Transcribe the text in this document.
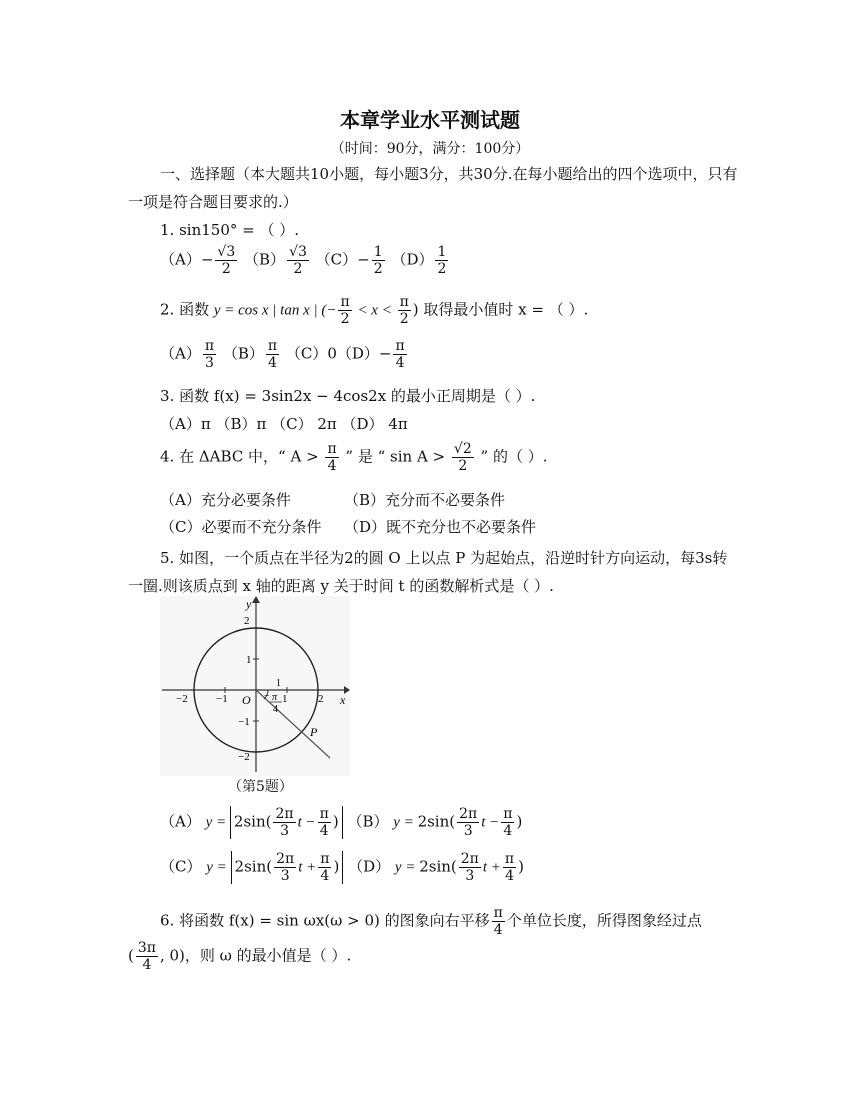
本章学业水平测试题
（时间：90分，满分：100分）
一、选择题（本大题共10小题，每小题3分，共30分.在每小题给出的四个选项中，只有一项是符合题目要求的.）
1. sin150° = （ ）.
$(A)- \frac{√3}{2} (B) \frac{√3}{2} (C)- \frac{1}{2} (D) \frac{1}{2}$
2. 函数 y = cos x | tan x | (− $\frac{\pi}{2} < x < \frac{\pi}{2}$ ) 取得最小值时 x = （ ）.
$(A) \frac{\pi}{3} (B) \frac{\pi}{4} (C)0(D)- \frac{\pi}{4}$
3. 函数 f(x) = 3sin2x − 4cos2x 的最小正周期是（ ）.
（A）π （B）π （C） 2π （D） 4π
4. 在 ΔABC 中，“ $A > \frac{\pi}{4}$ ” 是 “ $\sin A > \frac{√2}{2}$ ” 的（ ）.
（A）充分必要条件	（B）充分而不必要条件
（C）必要而不充分条件 （D）既不充分也不必要条件
5. 如图，一个质点在半径为2的圆 O 上以点 P 为起始点，沿逆时针方向运动，每3s转一圈.则该质点到 x 轴的距离 y 关于时间 t 的函数解析式是（ ）.
y
x
O
P
−2	−1	1	2
2
1
−1
−2
1
− π
4
（第5题）
（A） $y = 2\sin( \frac{2\pi}{3}$ $t - \frac{\pi}{4}$ ) （B） $y = 2\sin( \frac{2\pi}{3}$ $t - \frac{\pi}{4}$ )
（C） $y = 2\sin( \frac{2\pi}{3}$ $t + \frac{\pi}{4}$ ) （D） $y = 2\sin( \frac{2\pi}{3}$ $t + \frac{\pi}{4}$ )
6. 将函数 f(x) = sin ωx(ω > 0) 的图象向右平移 $\frac{\pi}{4}$ 个单位长度，所得图象经过点
( $\frac{3\pi}{4}$ , 0)，则 ω 的最小值是（ ）.
